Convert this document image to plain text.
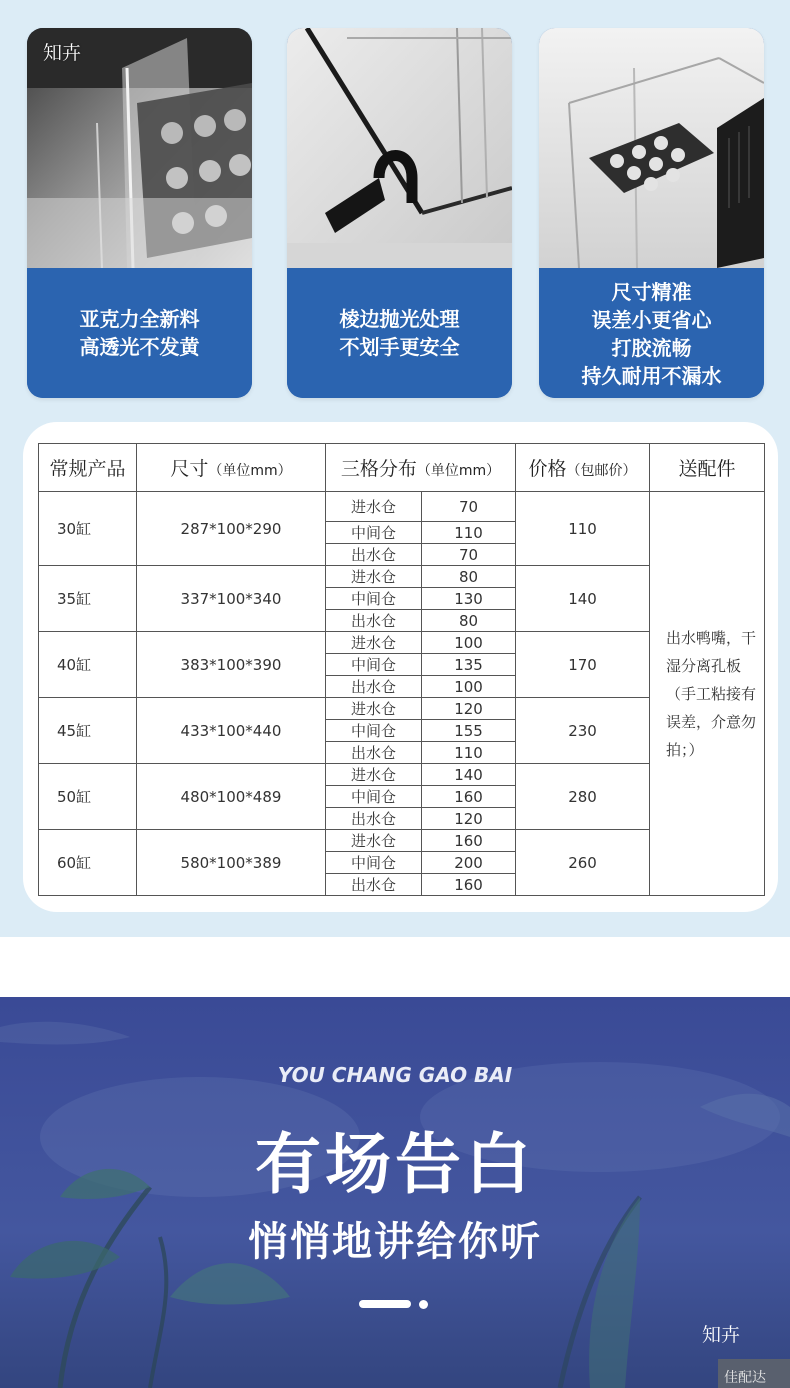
知卉
亚克力全新料
高透光不发黄
棱边抛光处理
不划手更安全
尺寸精准
误差小更省心
打胶流畅
持久耐用不漏水
常规产品	尺寸（单位mm）	三格分布（单位mm）		价格（包邮价）	送配件
30缸	287*100*290	进水仓	70	110	出水鸭嘴，干湿分离孔板（手工粘接有误差，介意勿拍；）
		中间仓	110		
		出水仓	70		
35缸	337*100*340	进水仓	80	140	
		中间仓	130		
		出水仓	80		
40缸	383*100*390	进水仓	100	170	
		中间仓	135		
		出水仓	100		
45缸	433*100*440	进水仓	120	230	
		中间仓	155		
		出水仓	110		
50缸	480*100*489	进水仓	140	280	
		中间仓	160		
		出水仓	120		
60缸	580*100*389	进水仓	160	260	
		中间仓	200		
		出水仓	160		
YOU CHANG GAO BAI
有场告白
悄悄地讲给你听
知卉
佳配达
